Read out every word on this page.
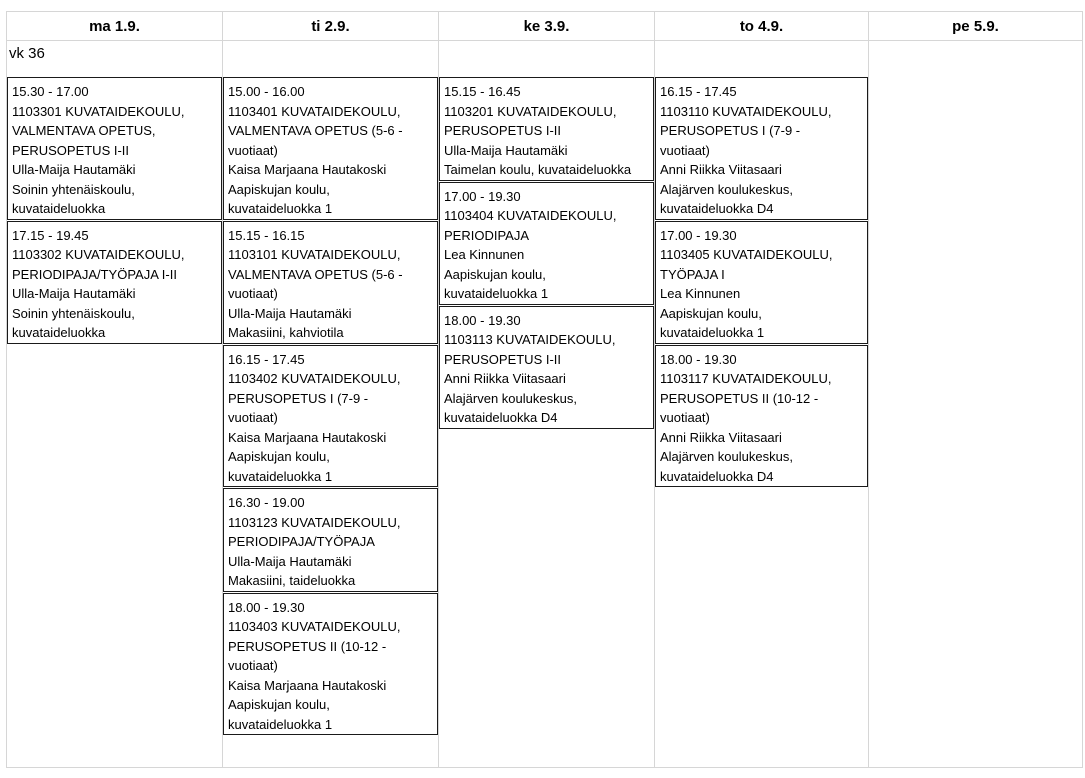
ma 1.9.
vk 36
15.30 - 17.00
1103301 KUVATAIDEKOULU,
VALMENTAVA OPETUS,
PERUSOPETUS I-II
Ulla-Maija Hautamäki
Soinin yhtenäiskoulu,
kuvataideluokka
17.15 - 19.45
1103302 KUVATAIDEKOULU,
PERIODIPAJA/TYÖPAJA I-II
Ulla-Maija Hautamäki
Soinin yhtenäiskoulu,
kuvataideluokka
ti 2.9.
15.00 - 16.00
1103401 KUVATAIDEKOULU,
VALMENTAVA OPETUS (5-6 -
vuotiaat)
Kaisa Marjaana Hautakoski
Aapiskujan koulu,
kuvataideluokka 1
15.15 - 16.15
1103101 KUVATAIDEKOULU,
VALMENTAVA OPETUS (5-6 -
vuotiaat)
Ulla-Maija Hautamäki
Makasiini, kahviotila
16.15 - 17.45
1103402 KUVATAIDEKOULU,
PERUSOPETUS I (7-9 -
vuotiaat)
Kaisa Marjaana Hautakoski
Aapiskujan koulu,
kuvataideluokka 1
16.30 - 19.00
1103123 KUVATAIDEKOULU,
PERIODIPAJA/TYÖPAJA
Ulla-Maija Hautamäki
Makasiini, taideluokka
18.00 - 19.30
1103403 KUVATAIDEKOULU,
PERUSOPETUS II (10-12 -
vuotiaat)
Kaisa Marjaana Hautakoski
Aapiskujan koulu,
kuvataideluokka 1
ke 3.9.
15.15 - 16.45
1103201 KUVATAIDEKOULU,
PERUSOPETUS I-II
Ulla-Maija Hautamäki
Taimelan koulu, kuvataideluokka
17.00 - 19.30
1103404 KUVATAIDEKOULU,
PERIODIPAJA
Lea Kinnunen
Aapiskujan koulu,
kuvataideluokka 1
18.00 - 19.30
1103113 KUVATAIDEKOULU,
PERUSOPETUS I-II
Anni Riikka Viitasaari
Alajärven koulukeskus,
kuvataideluokka D4
to 4.9.
16.15 - 17.45
1103110 KUVATAIDEKOULU,
PERUSOPETUS I (7-9 -
vuotiaat)
Anni Riikka Viitasaari
Alajärven koulukeskus,
kuvataideluokka D4
17.00 - 19.30
1103405 KUVATAIDEKOULU,
TYÖPAJA I
Lea Kinnunen
Aapiskujan koulu,
kuvataideluokka 1
18.00 - 19.30
1103117 KUVATAIDEKOULU,
PERUSOPETUS II (10-12 -
vuotiaat)
Anni Riikka Viitasaari
Alajärven koulukeskus,
kuvataideluokka D4
pe 5.9.
